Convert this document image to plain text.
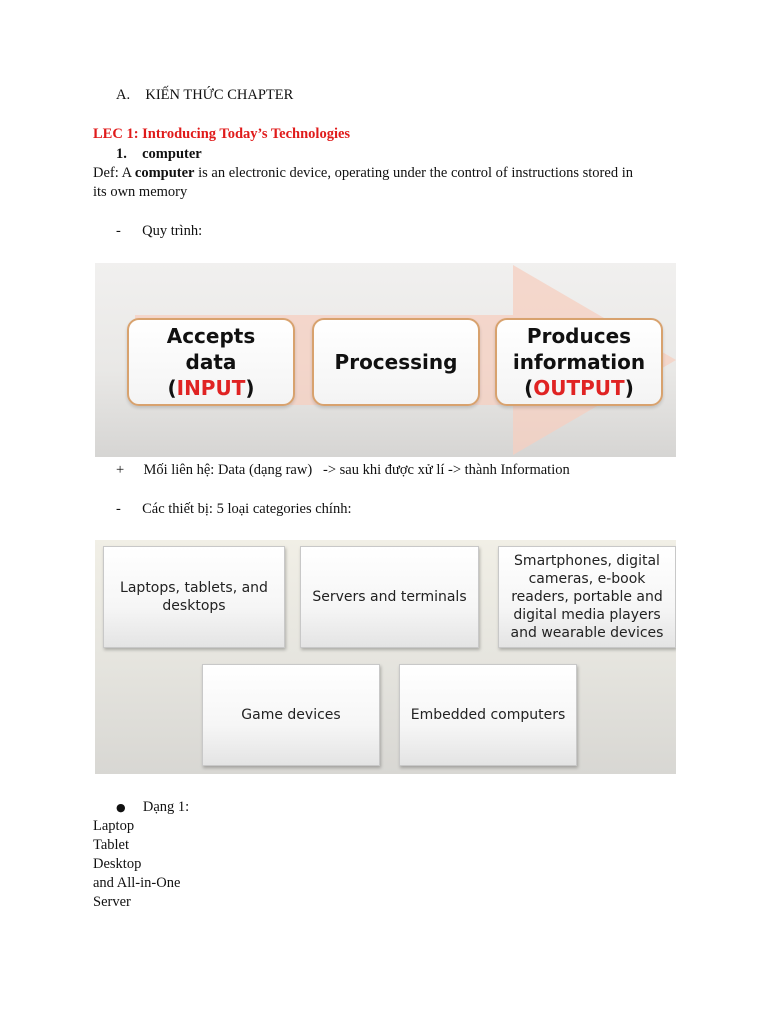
A. KIẾN THỨC CHAPTER
LEC 1: Introducing Today’s Technologies
1. computer
Def: A computer is an electronic device, operating under the control of instructions stored in
its own memory
- Quy trình:
Accepts
data
(INPUT)
Processing
Produces
information
(OUTPUT)
+ Mối liên hệ: Data (dạng raw)   -> sau khi được xử lí -> thành Information
- Các thiết bị: 5 loại categories chính:
Laptops, tablets, and
desktops
Servers and terminals
Smartphones, digital
cameras, e-book
readers, portable and
digital media players
and wearable devices
Game devices	Embedded computers
● Dạng 1:
Laptop
Tablet
Desktop
and All-in-One
Server
